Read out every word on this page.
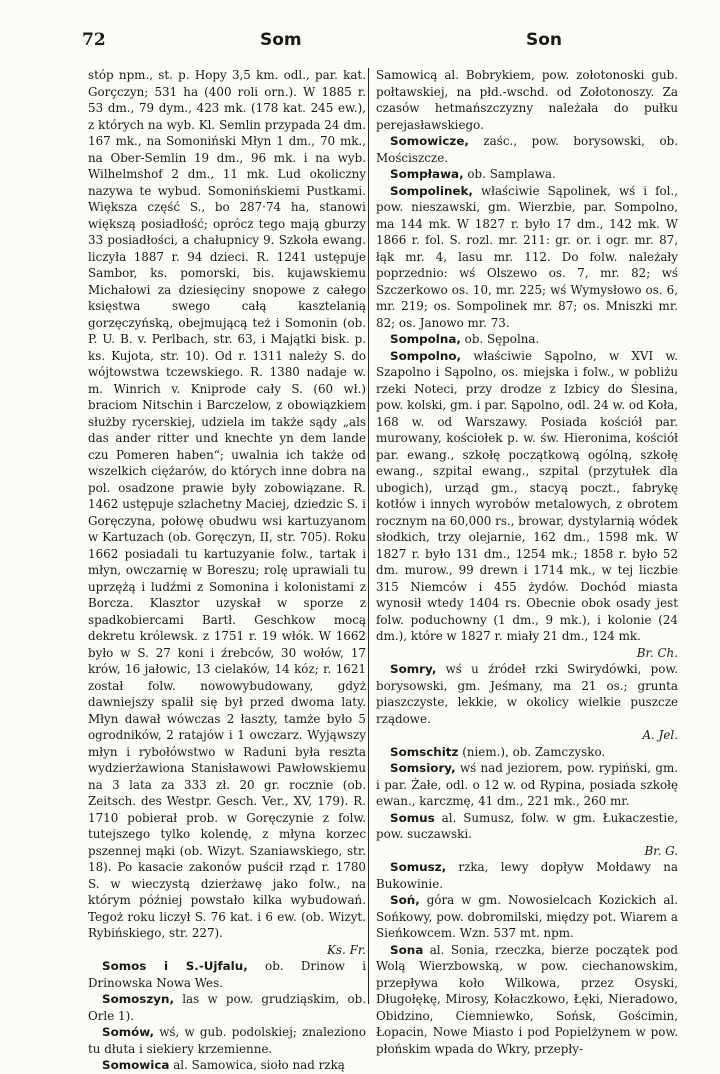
72	Som	Son

stóp npm., st. p. Hopy 3,5 km. odl., par. kat. Gorçczyn; 531 ha (400 roli orn.). W 1885 r. 53 dm., 79 dym., 423 mk. (178 kat. 245 ew.), z których na wyb. Kl. Semlin przypada 24 dm. 167 mk., na Somoniński Młyn 1 dm., 70 mk., na Ober-Semlin 19 dm., 96 mk. i na wyb. Wilhelmshof 2 dm., 11 mk. Lud okoliczny nazywa te wybud. Somonińskiemi Pustkami. Większa część S., bo 287·74 ha, stanowi większą posiadłość; oprócz tego mają gburzy 33 posiadłości, a chałupnicy 9. Szkoła ewang. liczyła 1887 r. 94 dzieci. R. 1241 ustępuje Sambor, ks. pomorski, bis. kujawskiemu Michałowi za dziesięciny snopowe z całego księstwa swego całą kasztelanią gorzęczyńską, obejmującą też i Somonin (ob. P. U. B. v. Perlbach, str. 63, i Majątki bisk. p. ks. Kujota, str. 10). Od r. 1311 należy S. do wójtowstwa tczewskiego. R. 1380 nadaje w. m. Winrich v. Kniprode cały S. (60 wł.) braciom Nitschin i Barczelow, z obowiązkiem służby rycerskiej, udziela im także sądy „als das ander ritter und knechte yn dem lande czu Pomeren haben“; uwalnia ich także od wszelkich ciężarów, do których inne dobra na pol. osadzone prawie były zobowiązane. R. 1462 ustępuje szlachetny Maciej, dziedzic S. i Goręczyna, połowę obudwu wsi kartuzyanom w Kartuzach (ob. Goręczyn, II, str. 705). Roku 1662 posiadali tu kartuzyanie folw., tartak i młyn, owczarnię w Boreszu; rolę uprawiali tu uprzężą i ludźmi z Somonina i kolonistami z Borcza. Klasztor uzyskał w sporze z spadkobiercami Bartł. Geschkow mocą dekretu królewsk. z 1751 r. 19 włók. W 1662 było w S. 27 koni i źrebców, 30 wołów, 17 krów, 16 jałowic, 13 cielaków, 14 kóz; r. 1621 został folw. nowowybudowany, gdyż dawniejszy spalił się był przed dwoma laty. Młyn dawał wówczas 2 łaszty, tamże było 5 ogrodników, 2 ratajów i 1 owczarz. Wyjąwszy młyn i rybołówstwo w Raduni była reszta wydzierżawiona Stanisławowi Pawłowskiemu na 3 lata za 333 zł. 20 gr. rocznie (ob. Zeitsch. des Westpr. Gesch. Ver., XV, 179). R. 1710 pobierał prob. w Goręczynie z folw. tutejszego tylko kolendę, z młyna korzec pszennej mąki (ob. Wizyt. Szaniawskiego, str. 18). Po kasacie zakonów puścił rząd r. 1780 S. w wieczystą dzierżawę jako folw., na którym później powstało kilka wybudowań. Tegoż roku liczył S. 76 kat. i 6 ew. (ob. Wizyt. Rybińskiego, str. 227).
Ks. Fr.

Somos i S.-Ujfalu, ob. Drinow i Drinowska Nowa Wes.

Somoszyn, las w pow. grudziąskim, ob. Orle 1).

Somów, wś, w gub. podolskiej; znaleziono tu dłuta i siekiery krzemienne.

Somowica al. Samowica, sioło nad rzką

Samowicą al. Bobrykiem, pow. zołotonoski gub. połtawskiej, na płd.-wschd. od Zołotonoszy. Za czasów hetmańszczyzny należała do pułku perejasławskiego.

Somowicze, zaśc., pow. borysowski, ob. Mościszcze.

Sompława, ob. Samplawa.

Sompolinek, właściwie Sąpolinek, wś i fol., pow. nieszawski, gm. Wierzbie, par. Sompolno, ma 144 mk. W 1827 r. było 17 dm., 142 mk. W 1866 r. fol. S. rozl. mr. 211: gr. or. i ogr. mr. 87, łąk mr. 4, lasu mr. 112. Do folw. należały poprzednio: wś Olszewo os. 7, mr. 82; wś Szczerkowo os. 10, mr. 225; wś Wymysłowo os. 6, mr. 219; os. Sompolinek mr. 87; os. Mniszki mr. 82; os. Janowo mr. 73.

Sompolna, ob. Sępolna.

Sompolno, właściwie Sąpolno, w XVI w. Szapolno i Sąpolno, os. miejska i folw., w pobliżu rzeki Noteci, przy drodze z Izbicy do Ślesina, pow. kolski, gm. i par. Sąpolno, odl. 24 w. od Koła, 168 w. od Warszawy. Posiada kościół par. murowany, kościołek p. w. św. Hieronima, kościół par. ewang., szkołę początkową ogólną, szkołę ewang., szpital ewang., szpital (przytułek dla ubogich), urząd gm., stacyą poczt., fabrykę kotłów i innych wyrobów metalowych, z obrotem rocznym na 60,000 rs., browar, dystylarnią wódek słodkich, trzy olejarnie, 162 dm., 1598 mk. W 1827 r. było 131 dm., 1254 mk.; 1858 r. było 52 dm. murow., 99 drewn i 1714 mk., w tej liczbie 315 Niemców i 455 żydów. Dochód miasta wynosił wtedy 1404 rs. Obecnie obok osady jest folw. poduchowny (1 dm., 9 mk.), i kolonie (24 dm.), które w 1827 r. miały 21 dm., 124 mk.
Br. Ch.

Somry, wś u źródeł rzki Swirydówki, pow. borysowski, gm. Jeśmany, ma 21 os.; grunta piaszczyste, lekkie, w okolicy wielkie puszcze rządowe.
A. Jel.

Somschitz (niem.), ob. Zamczysko.

Somsiory, wś nad jeziorem, pow. rypiński, gm. i par. Żałe, odl. o 12 w. od Rypina, posiada szkołę ewan., karczmę, 41 dm., 221 mk., 260 mr.

Somus al. Sumusz, folw. w gm. Łukaczestie, pow. suczawski.
Br. G.

Somusz, rzka, lewy dopływ Mołdawy na Bukowinie.

Soń, góra w gm. Nowosielcach Kozickich al. Sońkowy, pow. dobromilski, między pot. Wiarem a Sieńkowcem. Wzn. 537 mt. npm.

Sona al. Sonia, rzeczka, bierze początek pod Wolą Wierzbowską, w pow. ciechanowskim, przepływa koło Wilkowa, przez Osyski, Długołękę, Mirosy, Kołaczkowo, Łęki, Nieradowo, Obidzino, Ciemniewko, Sońsk, Gościmin, Łopacin, Nowe Miasto i pod Popielżynem w pow. płońskim wpada do Wkry, przepły-
